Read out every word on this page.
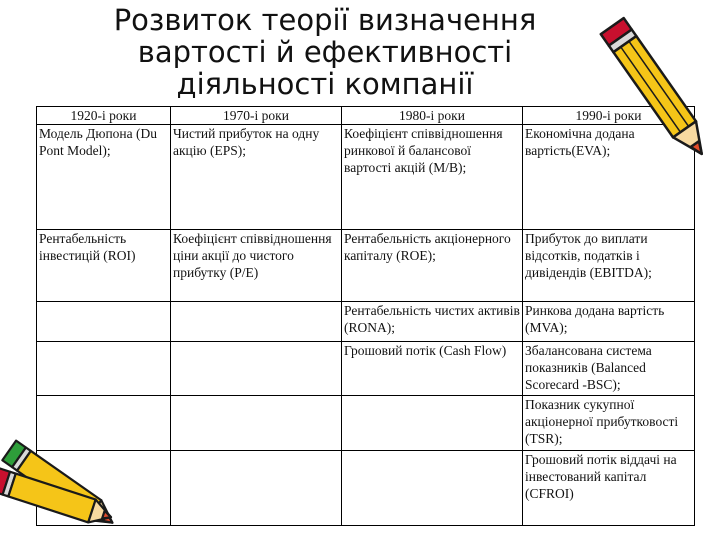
Розвиток теорії визначення
вартості й ефективності
діяльності компанії
1920-і роки	1970-і роки	1980-і роки	1990-і роки
Модель Дюпона (Du Pont Model);	Чистий прибуток на одну акцію (EPS);	Коефіцієнт співвідношення ринкової й балансової вартості акцій (M/B);	Економічна додана вартість(EVA);
Рентабельність інвестицій (ROI)	Коефіцієнт співвідношення ціни акції до чистого прибутку (P/E)	Рентабельність акціонерного капіталу (ROE);	Прибуток до виплати відсотків, податків і дивідендів (EBITDA);
		Рентабельність чистих активів (RONA);	Ринкова додана вартість (MVA);
		Грошовий потік (Cash Flow)	Збалансована система показників (Balanced Scorecard -BSC);
			Показник сукупної акціонерної прибутковості (TSR);
			Грошовий потік віддачі на інвестований капітал (CFROI)
